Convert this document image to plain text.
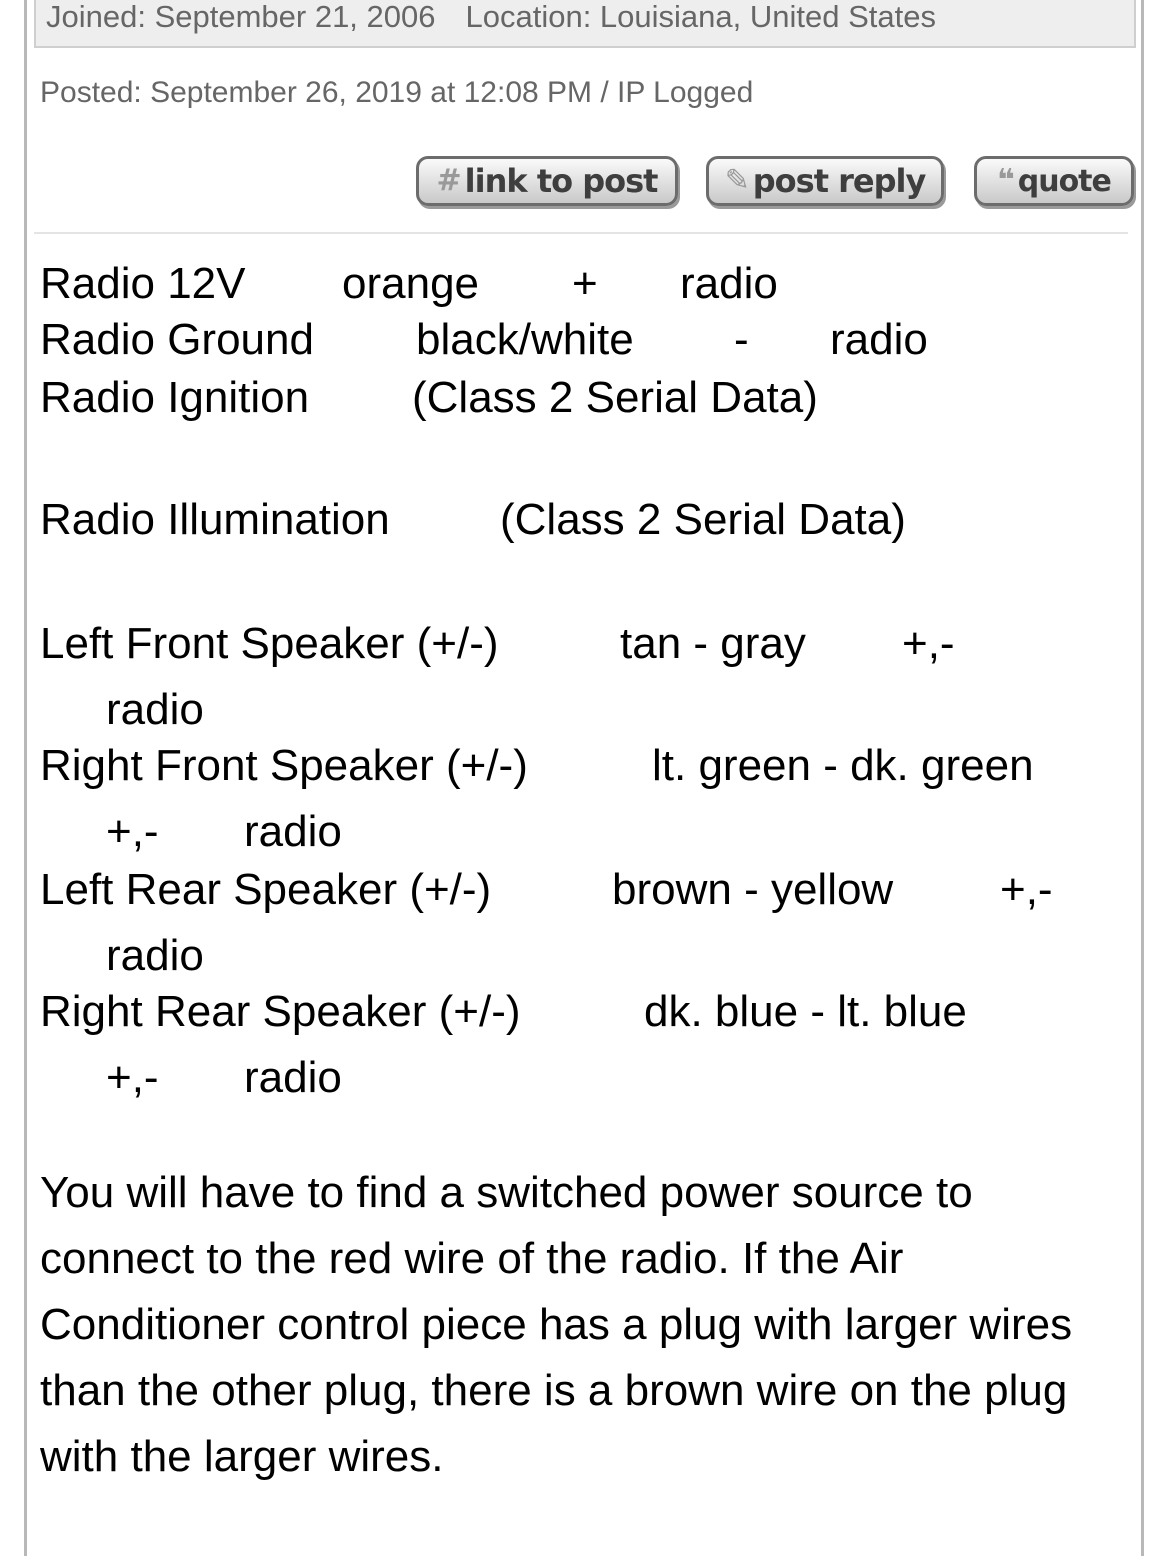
Joined: September 21, 2006 Location: Louisiana, United States
Posted: September 26, 2019 at 12:08 PM / IP Logged
# link to post ✎ post reply ❝ quote
Radio 12V orange + radio
Radio Ground black/white - radio
Radio Ignition (Class 2 Serial Data)
Radio Illumination	(Class 2 Serial Data)
Left Front Speaker (+/-)	tan - gray +,-
radio
Right Front Speaker (+/-)	lt. green - dk. green
+,- radio
Left Rear Speaker (+/-)	brown - yellow +,-
radio
Right Rear Speaker (+/-)	dk. blue - lt. blue
+,- radio
You will have to find a switched power source to connect to the red wire of the radio. If the Air Conditioner control piece has a plug with larger wires than the other plug, there is a brown wire on the plug with the larger wires.
